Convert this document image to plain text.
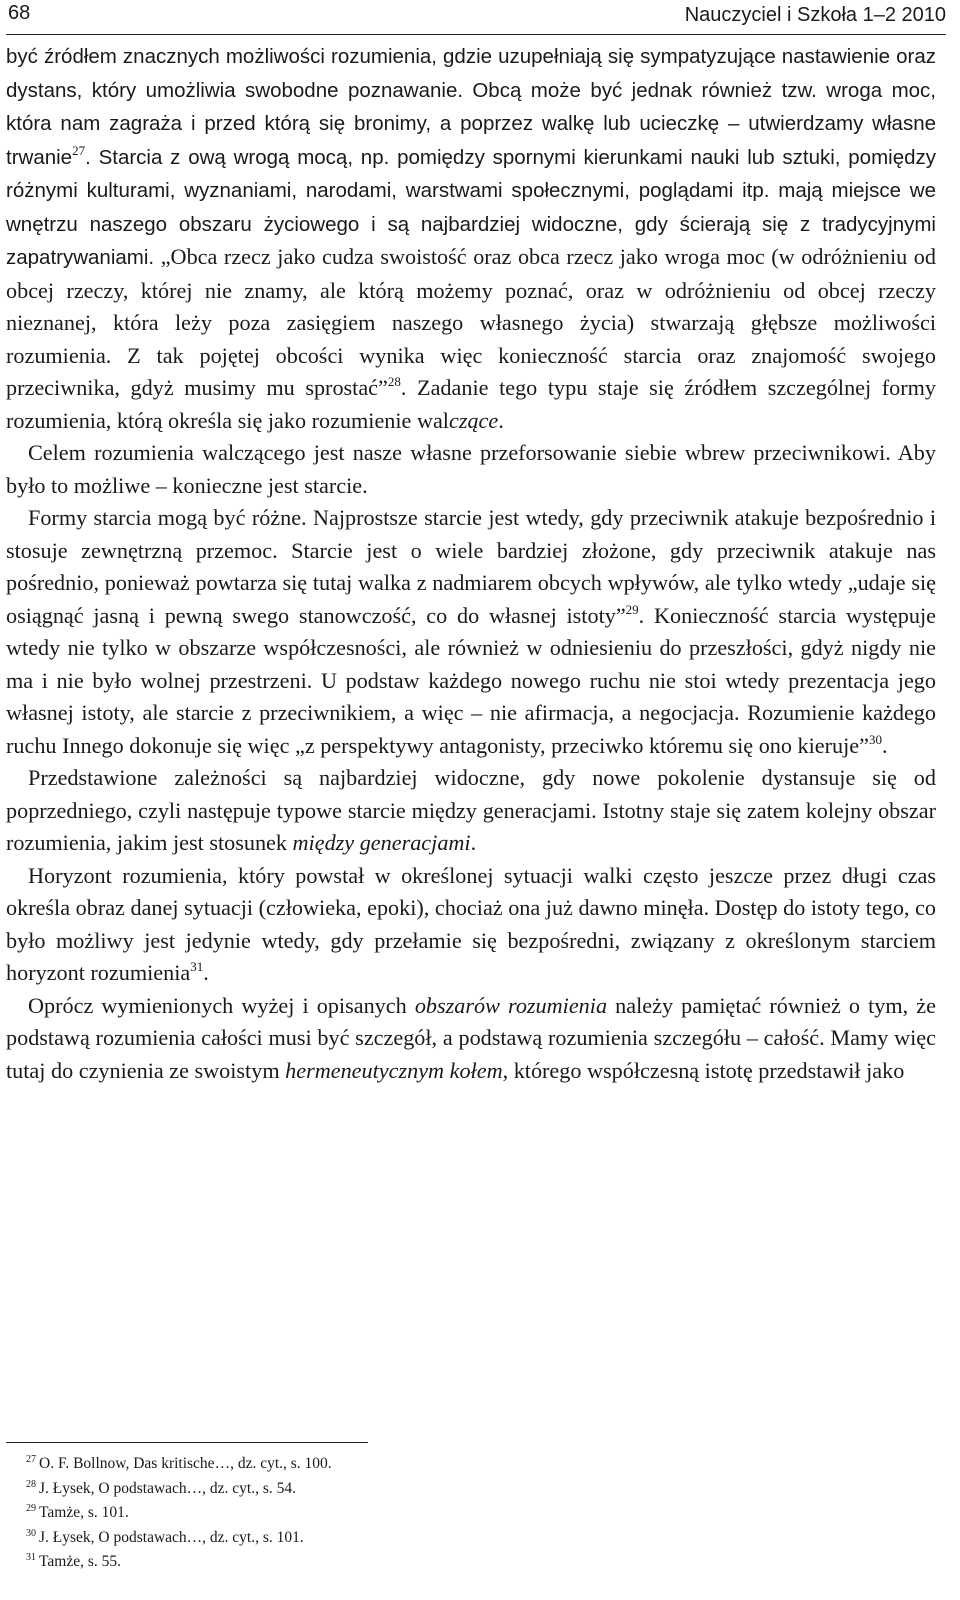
68	Nauczyciel i Szkoła 1–2 2010

być źródłem znacznych możliwości rozumienia, gdzie uzupełniają się sympatyzujące nastawienie oraz dystans, który umożliwia swobodne poznawanie. Obcą może być jednak również tzw. wroga moc, która nam zagraża i przed którą się bronimy, a poprzez walkę lub ucieczkę – utwierdzamy własne trwanie$^{27}$. Starcia z ową wrogą mocą, np. pomiędzy spornymi kierunkami nauki lub sztuki, pomiędzy różnymi kulturami, wyznaniami, narodami, warstwami społecznymi, poglądami itp. mają miejsce we wnętrzu naszego obszaru życiowego i są najbardziej widoczne, gdy ścierają się z tradycyjnymi zapatrywaniami. „Obca rzecz jako cudza swoistość oraz obca rzecz jako wroga moc (w odróżnieniu od obcej rzeczy, której nie znamy, ale którą możemy poznać, oraz w odróżnieniu od obcej rzeczy nieznanej, która leży poza zasięgiem naszego własnego życia) stwarzają głębsze możliwości rozumienia. Z tak pojętej obcości wynika więc konieczność starcia oraz znajomość swojego przeciwnika, gdyż musimy mu sprostać”$^{28}$. Zadanie tego typu staje się źródłem szczególnej formy rozumienia, którą określa się jako rozumienie walczące.

Celem rozumienia walczącego jest nasze własne przeforsowanie siebie wbrew przeciwnikowi. Aby było to możliwe – konieczne jest starcie.

Formy starcia mogą być różne. Najprostsze starcie jest wtedy, gdy przeciwnik atakuje bezpośrednio i stosuje zewnętrzną przemoc. Starcie jest o wiele bardziej złożone, gdy przeciwnik atakuje nas pośrednio, ponieważ powtarza się tutaj walka z nadmiarem obcych wpływów, ale tylko wtedy „udaje się osiągnąć jasną i pewną swego stanowczość, co do własnej istoty”$^{29}$. Konieczność starcia występuje wtedy nie tylko w obszarze współczesności, ale również w odniesieniu do przeszłości, gdyż nigdy nie ma i nie było wolnej przestrzeni. U podstaw każdego nowego ruchu nie stoi wtedy prezentacja jego własnej istoty, ale starcie z przeciwnikiem, a więc – nie afirmacja, a negocjacja. Rozumienie każdego ruchu Innego dokonuje się więc „z perspektywy antagonisty, przeciwko któremu się ono kieruje”$^{30}$.

Przedstawione zależności są najbardziej widoczne, gdy nowe pokolenie dystansuje się od poprzedniego, czyli następuje typowe starcie między generacjami. Istotny staje się zatem kolejny obszar rozumienia, jakim jest stosunek między generacjami.

Horyzont rozumienia, który powstał w określonej sytuacji walki często jeszcze przez długi czas określa obraz danej sytuacji (człowieka, epoki), chociaż ona już dawno minęła. Dostęp do istoty tego, co było możliwy jest jedynie wtedy, gdy przełamie się bezpośredni, związany z określonym starciem horyzont rozumienia$^{31}$.

Oprócz wymienionych wyżej i opisanych obszarów rozumienia należy pamiętać również o tym, że podstawą rozumienia całości musi być szczegół, a podstawą rozumienia szczegółu – całość. Mamy więc tutaj do czynienia ze swoistym hermeneutycznym kołem, którego współczesną istotę przedstawił jako

$^{27}$ O. F. Bollnow, Das kritische…, dz. cyt., s. 100.
$^{28}$ J. Łysek, O podstawach…, dz. cyt., s. 54.
$^{29}$ Tamże, s. 101.
$^{30}$ J. Łysek, O podstawach…, dz. cyt., s. 101.
$^{31}$ Tamże, s. 55.
